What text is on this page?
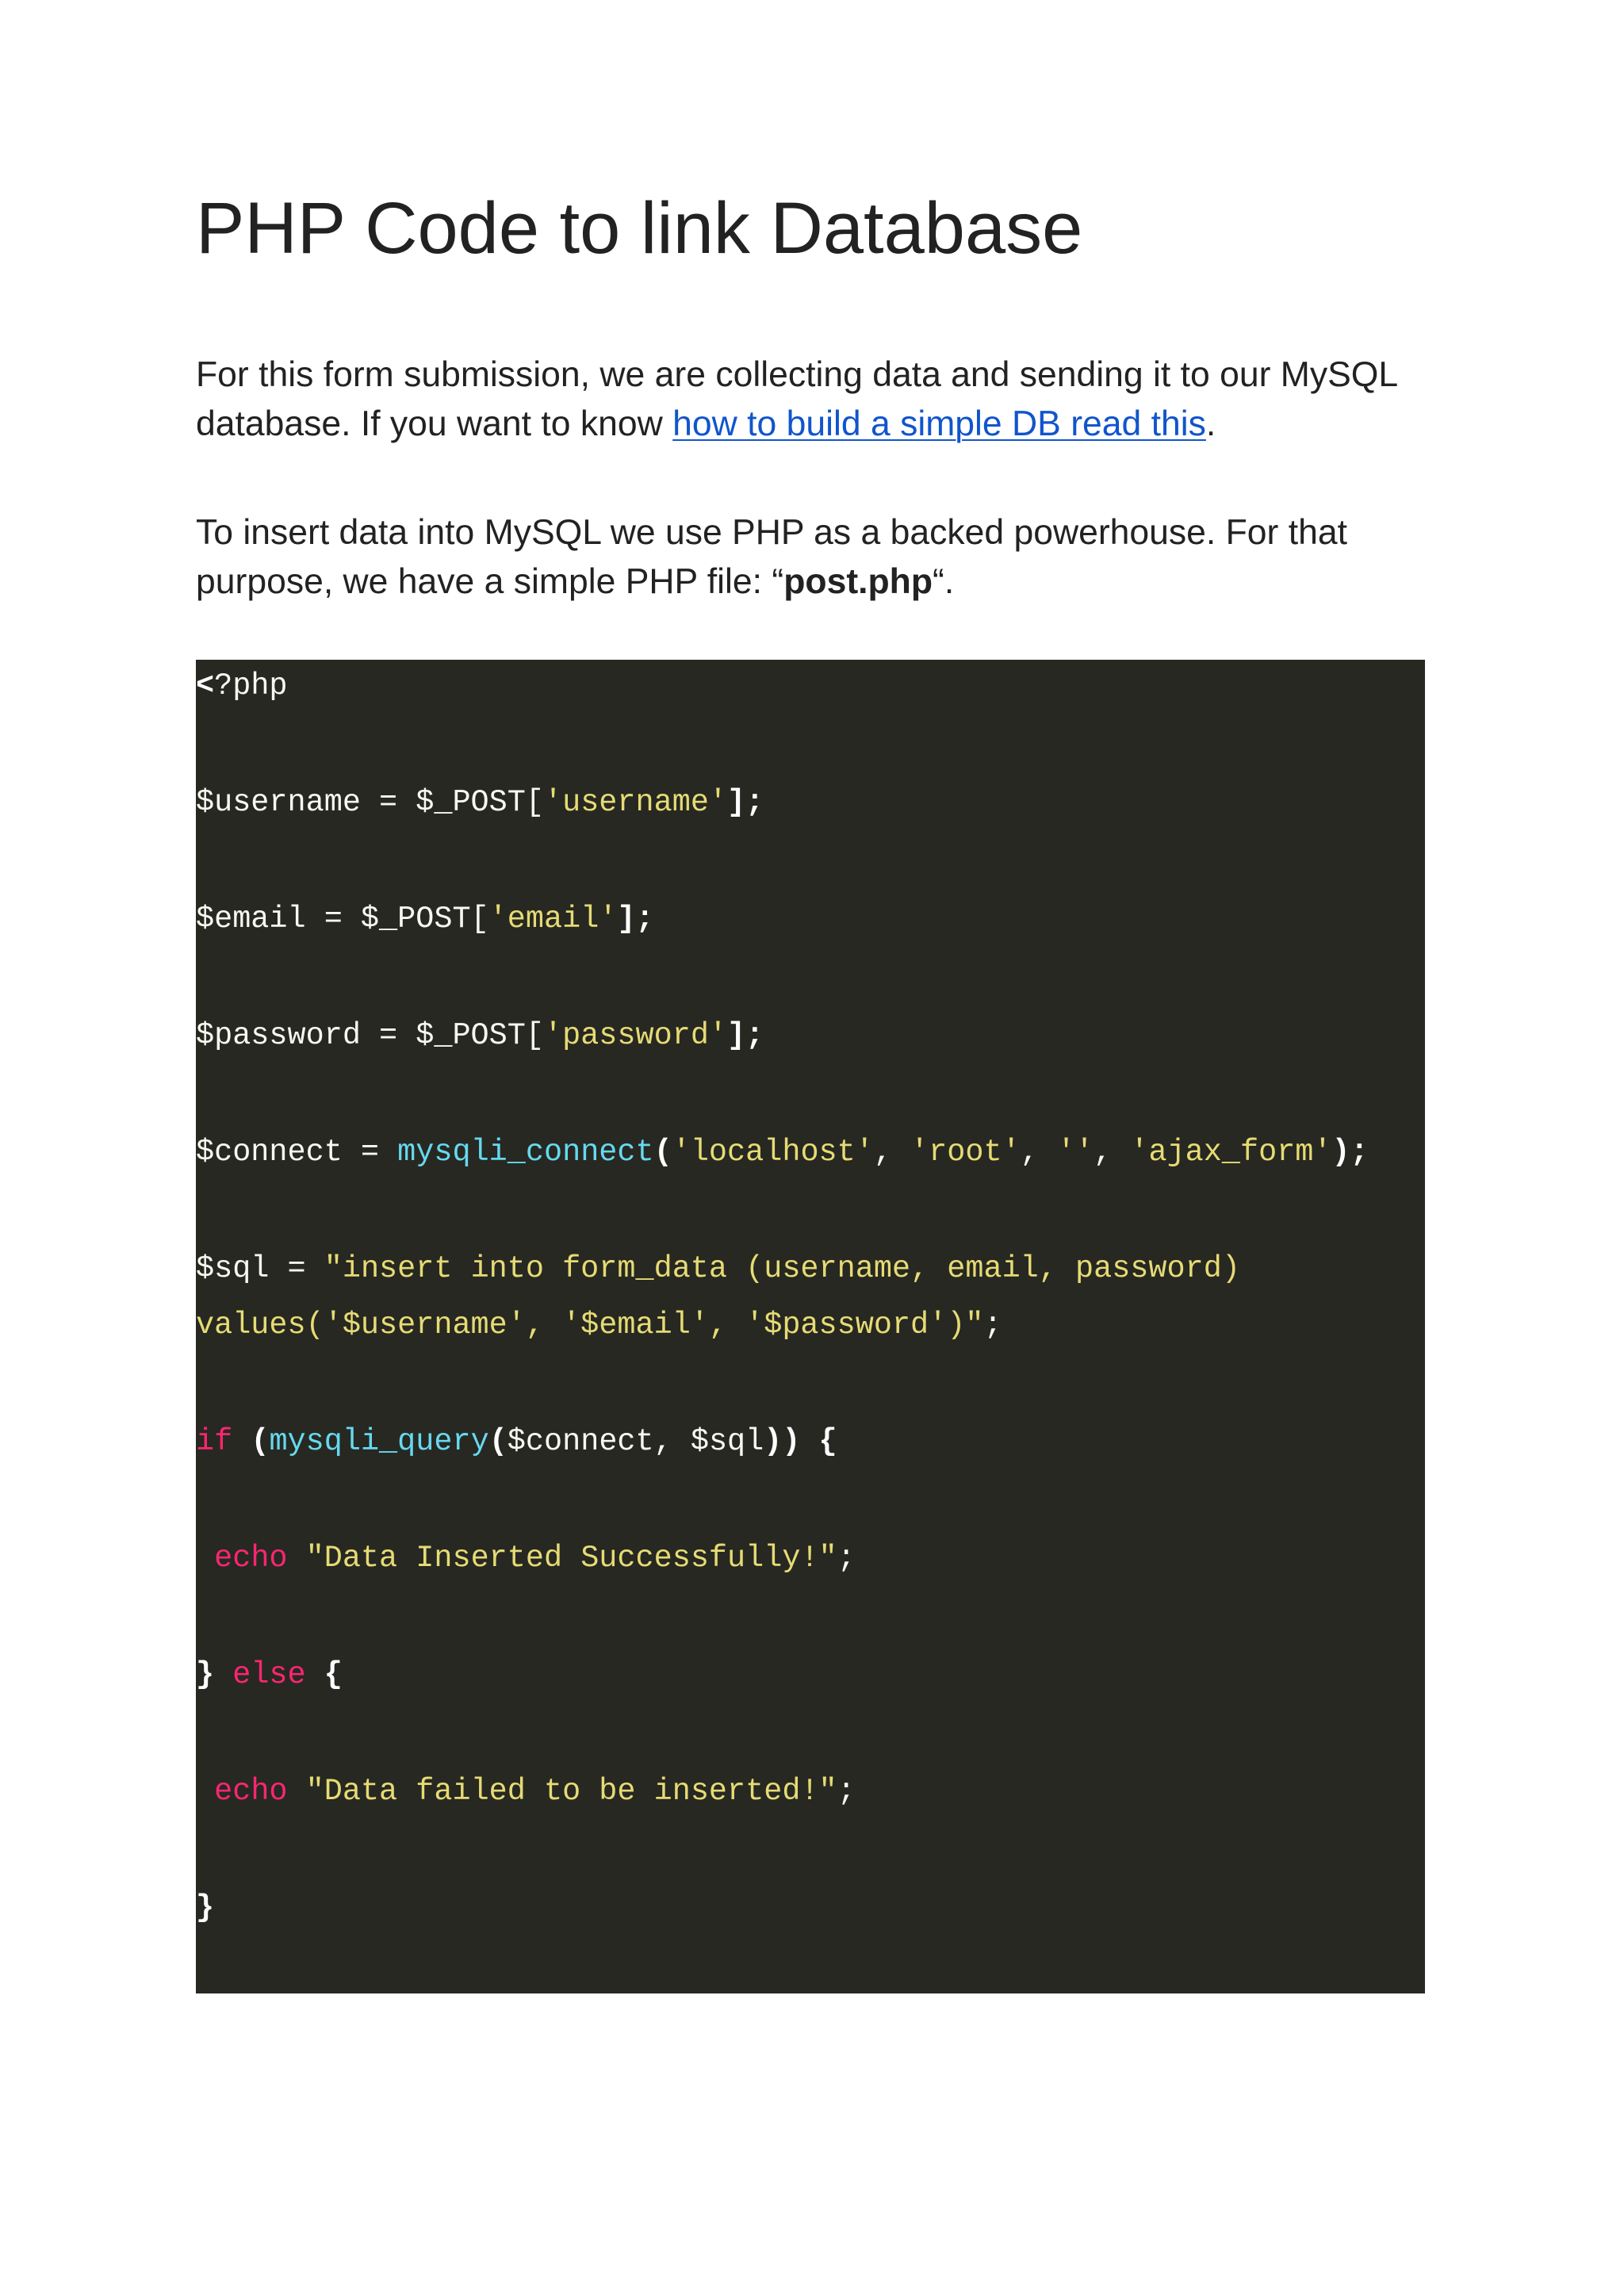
PHP Code to link Database

For this form submission, we are collecting data and sending it to our MySQL database. If you want to know how to build a simple DB read this.

To insert data into MySQL we use PHP as a backed powerhouse. For that purpose, we have a simple PHP file: “post.php“.

<?php
$username = $_POST['username'];
$email = $_POST['email'];
$password = $_POST['password'];
$connect = mysqli_connect('localhost', 'root', '', 'ajax_form');
$sql = "insert into form_data (username, email, password)
values('$username', '$email', '$password')";
if (mysqli_query($connect, $sql)) {
echo "Data Inserted Successfully!";
} else {
echo "Data failed to be inserted!";
}
